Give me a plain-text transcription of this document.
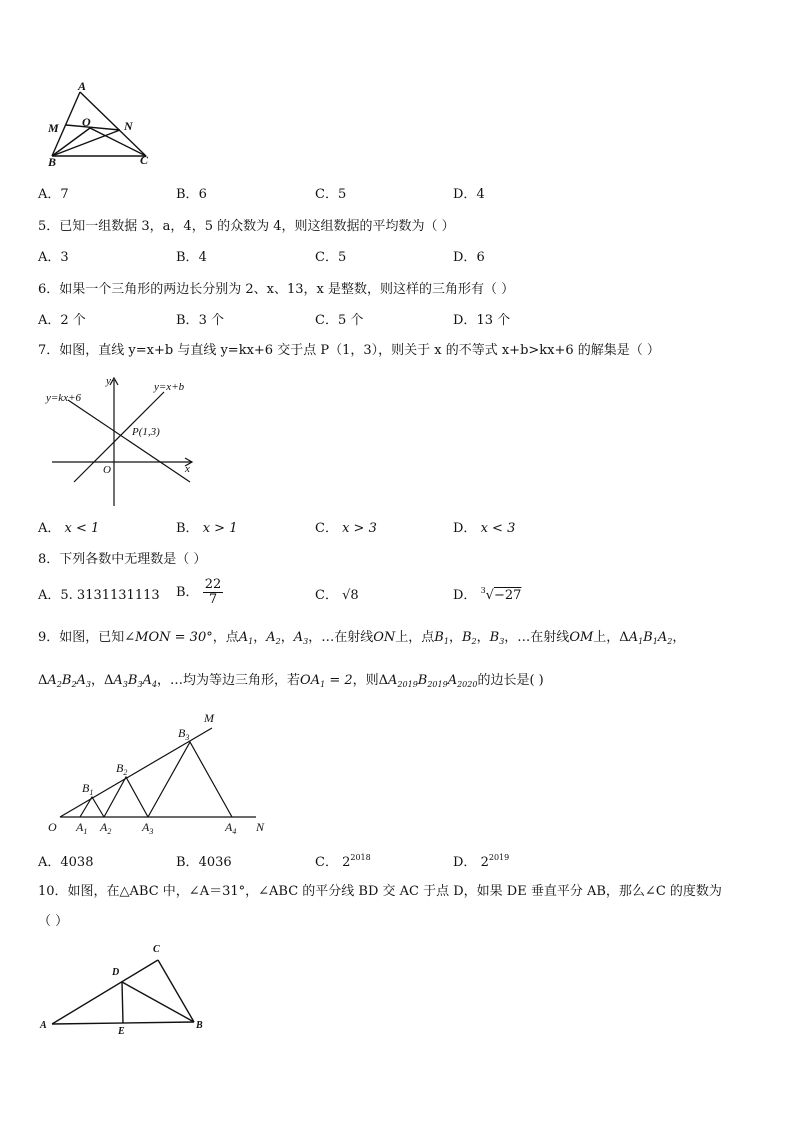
A
M O	N
B	C
A．7	B．6	C．5	D．4
5．已知一组数据 3，a，4，5 的众数为 4，则这组数据的平均数为（ ）
A．3	B．4	C．5	D．6
6．如果一个三角形的两边长分别为 2、x、13，x 是整数，则这样的三角形有（ ）
A．2 个	B．3 个	C．5 个	D．13 个
7．如图，直线 y=x+b 与直线 y=kx+6 交于点 P（1，3），则关于 x 的不等式 x+b>kx+6 的解集是（ ）
y=x+b
y=kx+6
P(1,3)
y
x
O
A． x < 1	B． x > 1	C． x > 3	D． x < 3
8．下列各数中无理数是（ ）
A．5. 3131131113 B． $\frac{22}{7}$	C． √8	D． $^3$√−27
9．如图，已知∠MON = 30°，点$A_1$，$A_2$，$A_3$，…在射线ON上，点$B_1$，$B_2$，$B_3$，…在射线OM上，$\Delta A_1B_1A_2$，
$\Delta A_2B_2A_3$，$\Delta A_3B_3A_4$，…均为等边三角形，若$OA_1 = 2$，则$\Delta A_{2019}B_{2019}A_{2020}$的边长是( )
M
N
O
$B_1$
$B_2$
$B_3$
$A_1$ $A_2$	$A_3$	$A_4$
A．4038	B．4036	C． $2^{2018}$	D． $2^{2019}$
10．如图，在△ABC 中，∠A＝31°，∠ABC 的平分线 BD 交 AC 于点 D，如果 DE 垂直平分 AB，那么∠C 的度数为
（ ）
C
D
A	B
E
